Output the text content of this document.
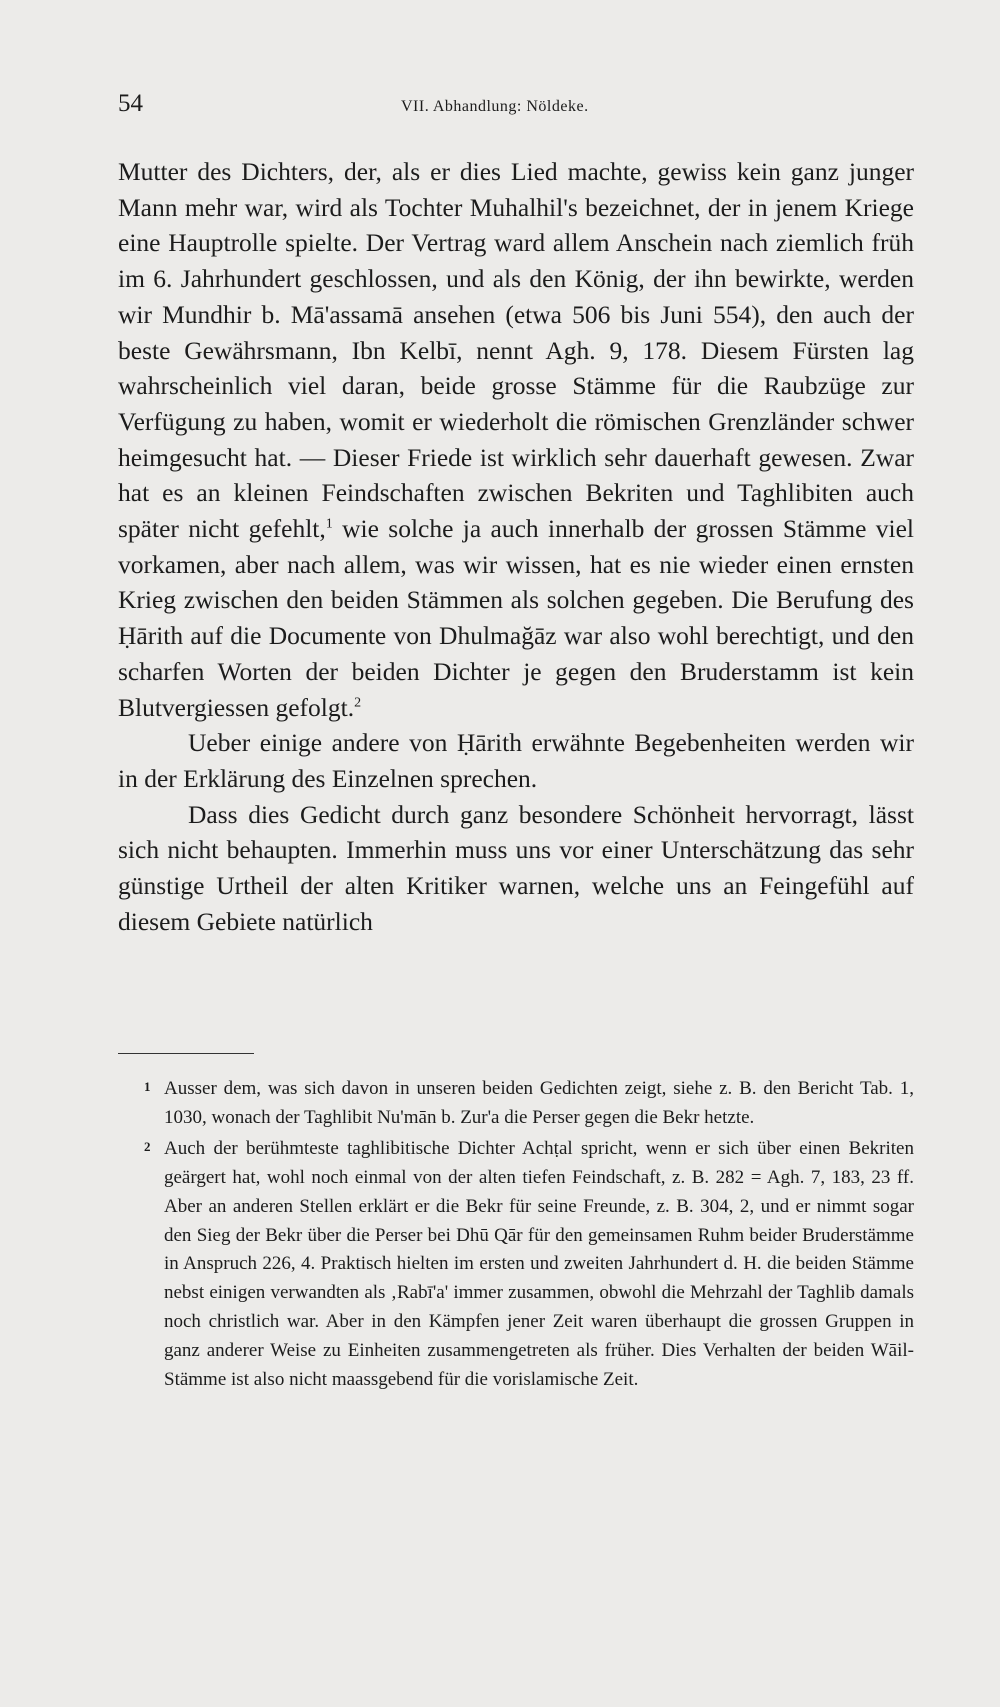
54	VII. Abhandlung: Nöldeke.

Mutter des Dichters, der, als er dies Lied machte, gewiss kein ganz junger Mann mehr war, wird als Tochter Muhalhil's bezeichnet, der in jenem Kriege eine Hauptrolle spielte. Der Vertrag ward allem Anschein nach ziemlich früh im 6. Jahrhundert geschlossen, und als den König, der ihn bewirkte, werden wir Mundhir b. Mā'assamā ansehen (etwa 506 bis Juni 554), den auch der beste Gewährsmann, Ibn Kelbī, nennt Agh. 9, 178. Diesem Fürsten lag wahrscheinlich viel daran, beide grosse Stämme für die Raubzüge zur Verfügung zu haben, womit er wiederholt die römischen Grenzländer schwer heimgesucht hat. — Dieser Friede ist wirklich sehr dauerhaft gewesen. Zwar hat es an kleinen Feindschaften zwischen Bekriten und Taghlibiten auch später nicht gefehlt,$^1$ wie solche ja auch innerhalb der grossen Stämme viel vorkamen, aber nach allem, was wir wissen, hat es nie wieder einen ernsten Krieg zwischen den beiden Stämmen als solchen gegeben. Die Berufung des Ḥārith auf die Documente von Dhulmağāz war also wohl berechtigt, und den scharfen Worten der beiden Dichter je gegen den Bruderstamm ist kein Blutvergiessen gefolgt.$^2$

Ueber einige andere von Ḥārith erwähnte Begebenheiten werden wir in der Erklärung des Einzelnen sprechen.

Dass dies Gedicht durch ganz besondere Schönheit hervorragt, lässt sich nicht behaupten. Immerhin muss uns vor einer Unterschätzung das sehr günstige Urtheil der alten Kritiker warnen, welche uns an Feingefühl auf diesem Gebiete natürlich

1 Ausser dem, was sich davon in unseren beiden Gedichten zeigt, siehe z. B. den Bericht Tab. 1, 1030, wonach der Taghlibit Nu'mān b. Zur'a die Perser gegen die Bekr hetzte.
2 Auch der berühmteste taghlibitische Dichter Achṭal spricht, wenn er sich über einen Bekriten geärgert hat, wohl noch einmal von der alten tiefen Feindschaft, z. B. 282 = Agh. 7, 183, 23 ff. Aber an anderen Stellen erklärt er die Bekr für seine Freunde, z. B. 304, 2, und er nimmt sogar den Sieg der Bekr über die Perser bei Dhū Qār für den gemeinsamen Ruhm beider Bruderstämme in Anspruch 226, 4. Praktisch hielten im ersten und zweiten Jahrhundert d. H. die beiden Stämme nebst einigen verwandten als ‚Rabī'a' immer zusammen, obwohl die Mehrzahl der Taghlib damals noch christlich war. Aber in den Kämpfen jener Zeit waren überhaupt die grossen Gruppen in ganz anderer Weise zu Einheiten zusammengetreten als früher. Dies Verhalten der beiden Wāil-Stämme ist also nicht maassgebend für die vorislamische Zeit.
